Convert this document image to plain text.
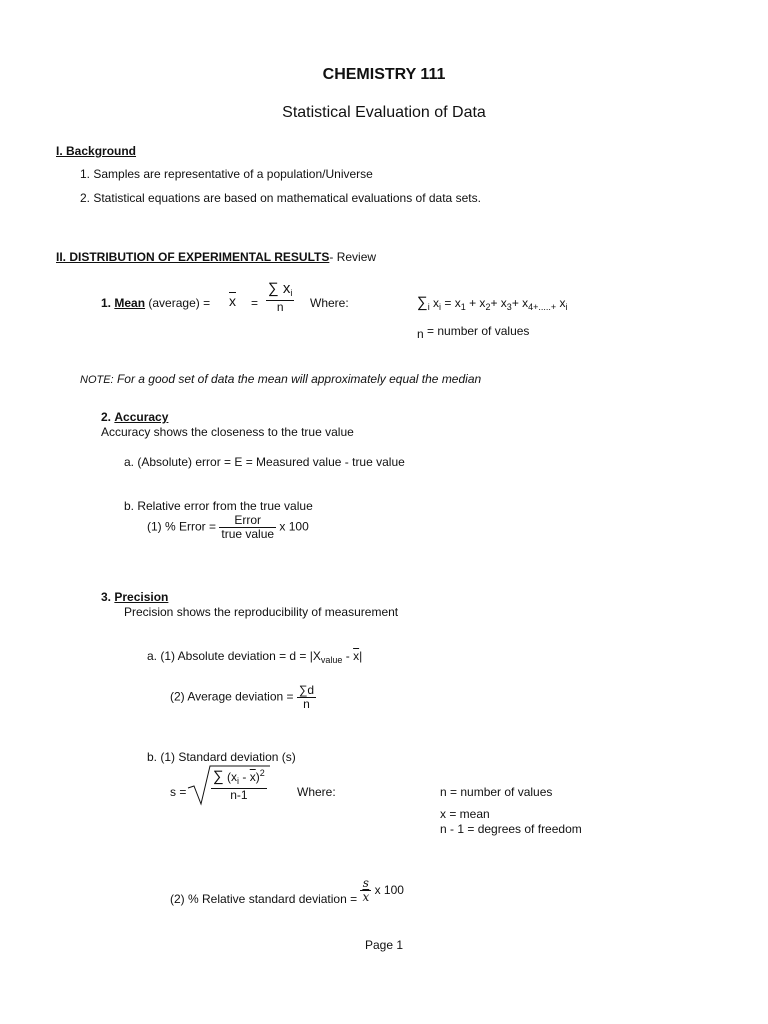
CHEMISTRY 111
Statistical Evaluation of Data
I. Background
1. Samples are representative of a population/Universe
2. Statistical equations are based on mathematical evaluations of data sets.
II. DISTRIBUTION OF EXPERIMENTAL RESULTS- Review
1. Mean (average) = $\overline{x} = \frac{\sum x_i}{n}$ Where:	$\sum_i$ $x_i = x_1 + x_2+ x_3+ x_{4+.....+}$ $x_i$
n = number of values
NOTE: For a good set of data the mean will approximately equal the median
2. Accuracy
Accuracy shows the closeness to the true value
a. (Absolute) error = E = Measured value - true value
b. Relative error from the true value
(1) % Error = $\frac{\text{Error}}{\text{true value}}$ x 100
3. Precision
Precision shows the reproducibility of measurement
a. (1) Absolute deviation = $d = |X_{value} - \overline{x}|$
(2) Average deviation = $\frac{\sum d}{n}$
b. (1) Standard deviation (s)
$s = \frac{\sum (x_i - \overline{x})^2}{n-1}$	Where:	n = number of values
x = mean
n - 1 = degrees of freedom
(2) % Relative standard deviation = $\frac{s}{x}$ x 100
Page 1
